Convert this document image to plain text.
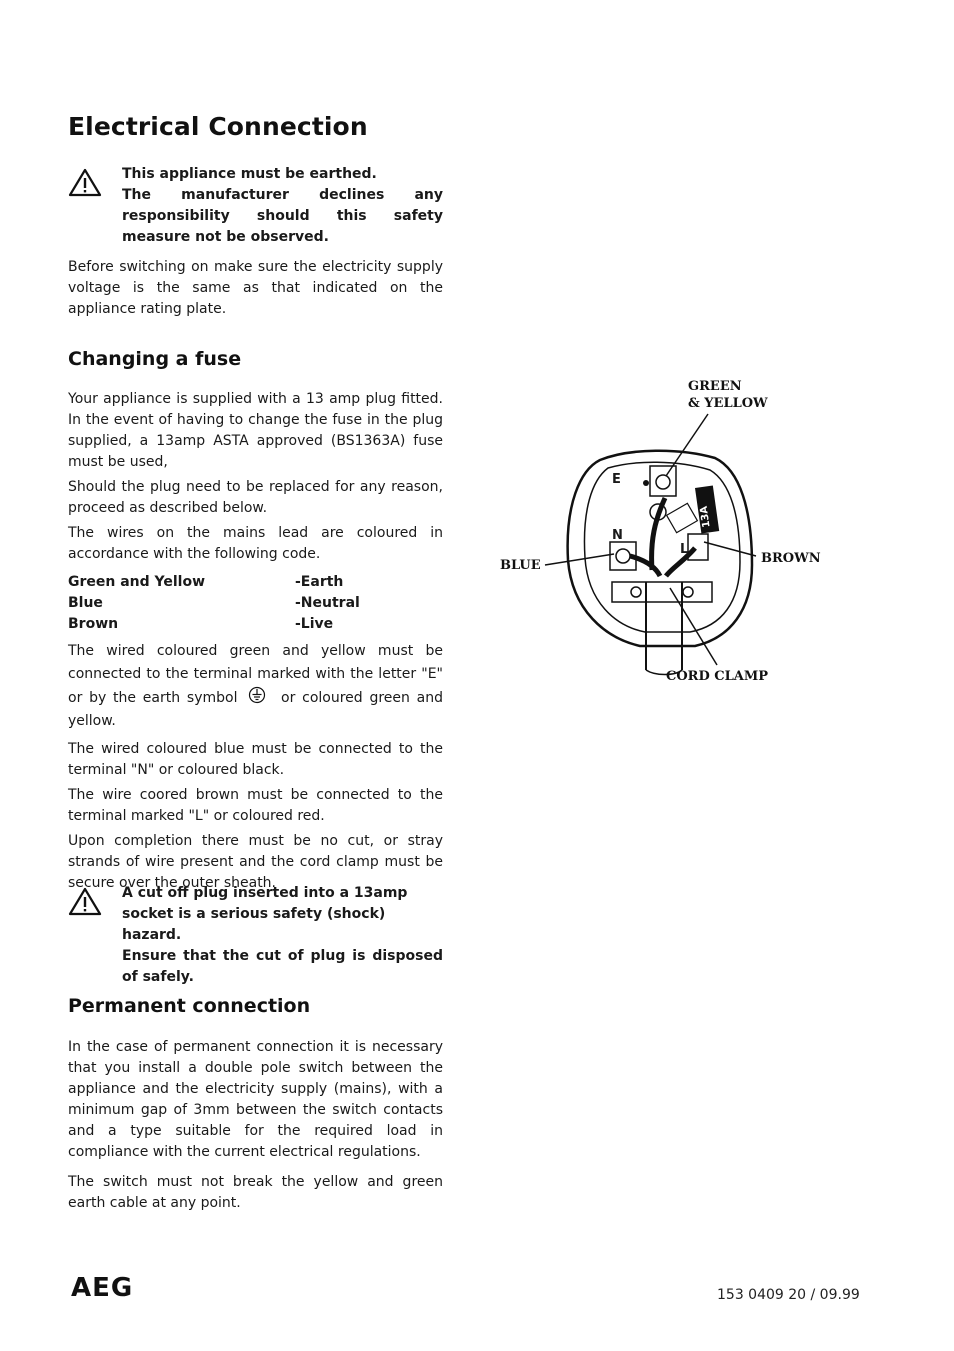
Electrical Connection
This appliance must be earthed.
The manufacturer declines any responsibility should this safety measure not be observed.

Before switching on make sure the electricity supply voltage is the same as that indicated on the appliance rating plate.

Changing a fuse

Your appliance is supplied with a 13 amp plug fitted. In the event of having to change the fuse in the plug supplied, a 13amp ASTA approved (BS1363A) fuse must be used,

Should the plug need to be replaced for any reason, proceed as described below.

The wires on the mains lead are coloured in accordance with the following code.

Green and Yellow	-Earth
Blue	-Neutral
Brown	-Live

The wired coloured green and yellow must be connected to the terminal marked with the letter "E" or by the earth symbol	or coloured green and yellow.

The wired coloured blue must be connected to the terminal "N" or coloured black.

The wire coored brown must be connected to the terminal marked "L" or coloured red.

Upon completion there must be no cut, or stray strands of wire present and the cord clamp must be secure over the outer sheath.

A cut off plug inserted into a 13amp socket is a serious safety (shock) hazard.
Ensure that the cut of plug is disposed of safely.
Permanent connection

In the case of permanent connection it is necessary that you install a double pole switch between the appliance and the electricity supply (mains), with a minimum gap of 3mm between the switch contacts and a type suitable for the required load in compliance with the current electrical regulations.

The switch must not break the yellow and green earth cable at any point.

13A
E
N
L
GREEN
& YELLOW
BLUE	BROWN
CORD CLAMP
AEG	153 0409 20 / 09.99
